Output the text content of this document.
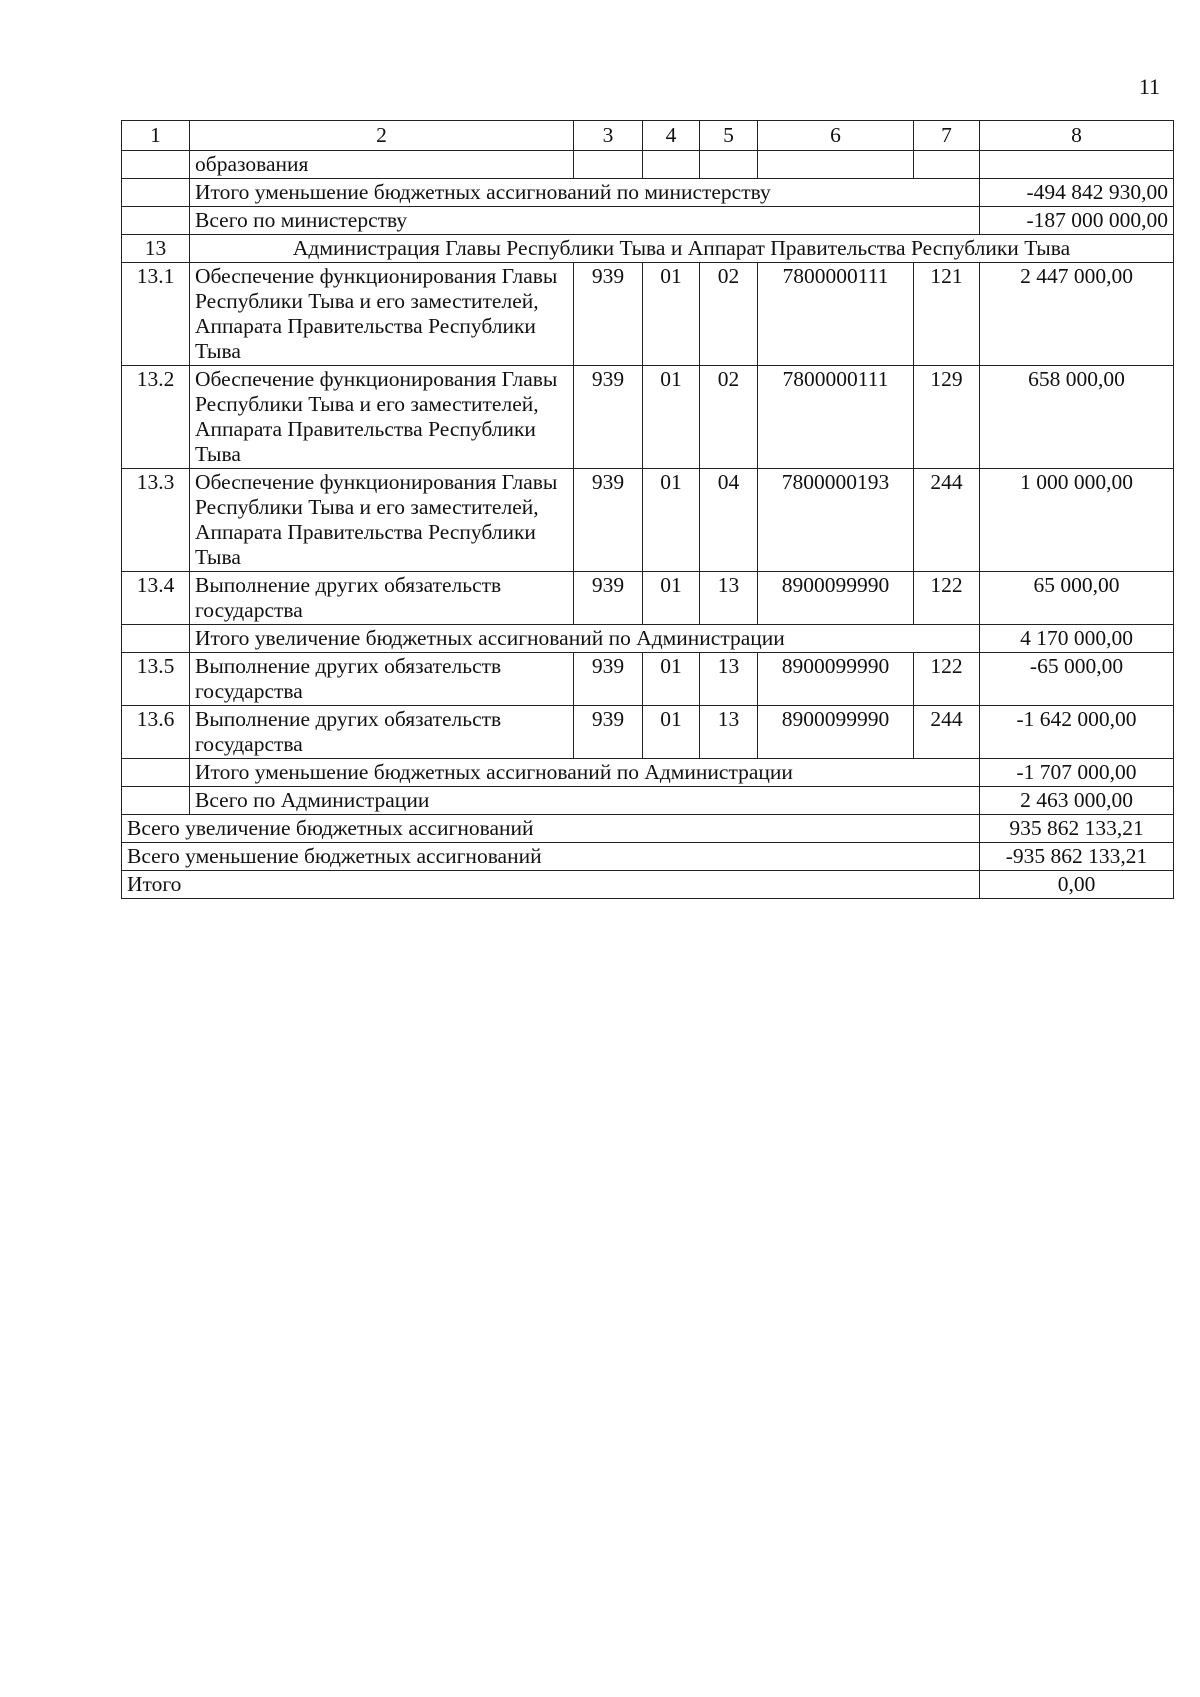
11
1	2	3	4	5	6	7	8
	образования						
	Итого уменьшение бюджетных ассигнований по министерству						-494 842 930,00
	Всего по министерству						-187 000 000,00
13	Администрация Главы Республики Тыва и Аппарат Правительства Республики Тыва						
13.1	Обеспечение функционирования Главы Республики Тыва и его заместителей, Аппарата Правительства Республики Тыва	939	01	02	7800000111	121	2 447 000,00
13.2	Обеспечение функционирования Главы Республики Тыва и его заместителей, Аппарата Правительства Республики Тыва	939	01	02	7800000111	129	658 000,00
13.3	Обеспечение функционирования Главы Республики Тыва и его заместителей, Аппарата Правительства Республики Тыва	939	01	04	7800000193	244	1 000 000,00
13.4	Выполнение других обязательств государства	939	01	13	8900099990	122	65 000,00
	Итого увеличение бюджетных ассигнований по Администрации						4 170 000,00
13.5	Выполнение других обязательств государства	939	01	13	8900099990	122	-65 000,00
13.6	Выполнение других обязательств государства	939	01	13	8900099990	244	-1 642 000,00
	Итого уменьшение бюджетных ассигнований по Администрации						-1 707 000,00
	Всего по Администрации						2 463 000,00
Всего увеличение бюджетных ассигнований							935 862 133,21
Всего уменьшение бюджетных ассигнований							-935 862 133,21
Итого							0,00
